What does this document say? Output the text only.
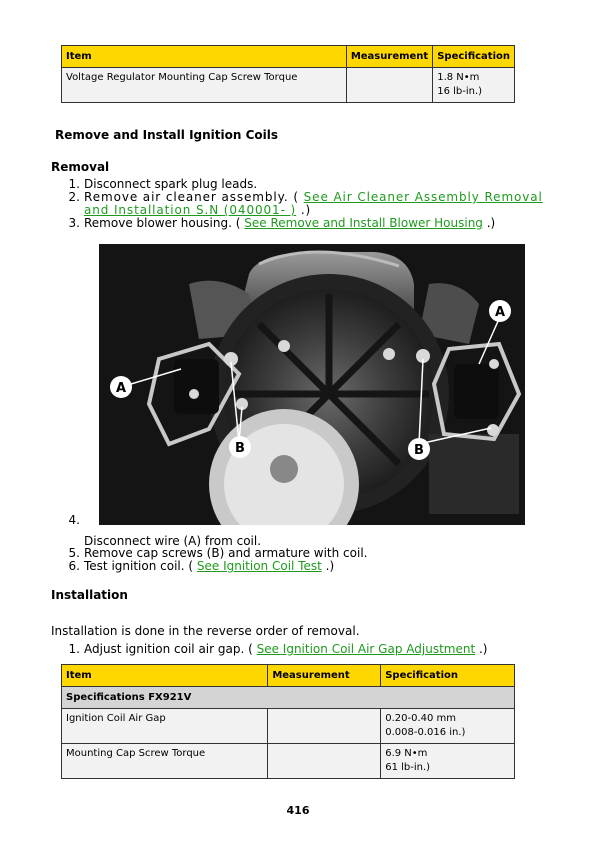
Item	Measurement	Specification
Voltage Regulator Mounting Cap Screw Torque		1.8 N•m
16 lb-in.)
Remove and Install Ignition Coils
Removal
1. Disconnect spark plug leads.
2. Remove air cleaner assembly. ( See Air Cleaner Assembly Removal and Installation S.N (040001- ) .)
3. Remove blower housing. ( See Remove and Install Blower Housing .)
4.
A
B	B
A
Disconnect wire (A) from coil.
5. Remove cap screws (B) and armature with coil.
6. Test ignition coil. ( See Ignition Coil Test .)
Installation
Installation is done in the reverse order of removal.
1. Adjust ignition coil air gap. ( See Ignition Coil Air Gap Adjustment .)
Item	Measurement	Specification
Specifications FX921V		
Ignition Coil Air Gap		0.20-0.40 mm
0.008-0.016 in.)
Mounting Cap Screw Torque		6.9 N•m
61 lb-in.)
416
